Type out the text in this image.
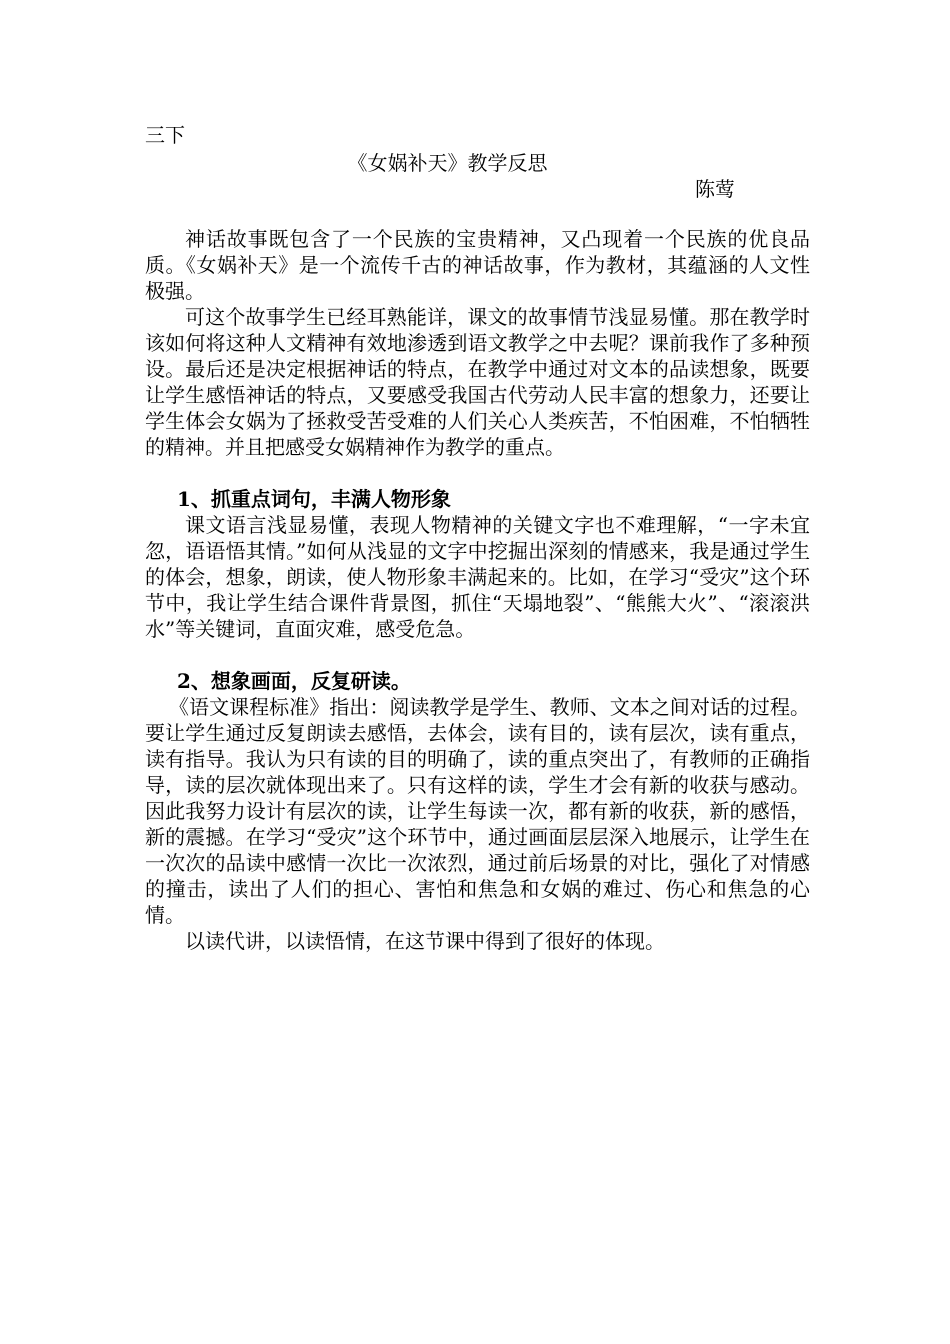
三下
《女娲补天》教学反思
陈莺

神话故事既包含了一个民族的宝贵精神，又凸现着一个民族的优良品质。《女娲补天》是一个流传千古的神话故事，作为教材，其蕴涵的人文性极强。

可这个故事学生已经耳熟能详，课文的故事情节浅显易懂。那在教学时该如何将这种人文精神有效地渗透到语文教学之中去呢？课前我作了多种预设。最后还是决定根据神话的特点，在教学中通过对文本的品读想象，既要让学生感悟神话的特点，又要感受我国古代劳动人民丰富的想象力，还要让学生体会女娲为了拯救受苦受难的人们关心人类疾苦，不怕困难，不怕牺牲的精神。并且把感受女娲精神作为教学的重点。

1、抓重点词句，丰满人物形象

课文语言浅显易懂，表现人物精神的关键文字也不难理解，“一字未宜忽，语语悟其情。”如何从浅显的文字中挖掘出深刻的情感来，我是通过学生的体会，想象，朗读，使人物形象丰满起来的。比如，在学习“受灾”这个环节中，我让学生结合课件背景图，抓住“天塌地裂”、“熊熊大火”、“滚滚洪水”等关键词，直面灾难，感受危急。

2、想象画面，反复研读。

《语文课程标准》指出：阅读教学是学生、教师、文本之间对话的过程。要让学生通过反复朗读去感悟，去体会，读有目的，读有层次，读有重点，读有指导。我认为只有读的目的明确了，读的重点突出了，有教师的正确指导，读的层次就体现出来了。只有这样的读，学生才会有新的收获与感动。因此我努力设计有层次的读，让学生每读一次，都有新的收获，新的感悟，新的震撼。在学习“受灾”这个环节中，通过画面层层深入地展示，让学生在一次次的品读中感情一次比一次浓烈，通过前后场景的对比，强化了对情感的撞击，读出了人们的担心、害怕和焦急和女娲的难过、伤心和焦急的心情。

以读代讲，以读悟情，在这节课中得到了很好的体现。
